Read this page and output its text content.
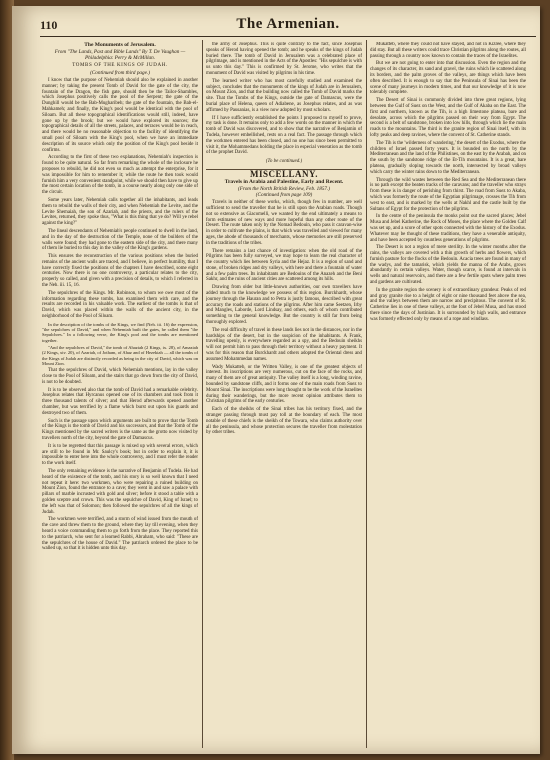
110	The Armenian.
The Monuments of Jerusalem.
From "The Lands, Past and Bible Lands" By T. De Vaughan — Philadelphia: Perry & McMillan.
TOMBS OF THE KINGS OF JUDAH.
(Continued from third page.)

I know that the purpose of Nehemiah should also be explained in another manner; by taking the present Tomb of David for the gate of the city, the fountain of the Dragon, the fish gate, should then be the Tailor-Shambles, which Josephus positively calls the pool of the Serpent; the gate of the Dunghill would be the Bab-Mugharibeh; the gate of the fountain, the Bab-el-Mahkameh; and finally, the King's pool would be identical with the pool of Siloam. But all these topographical identifications would still, indeed, have gone up by the brook; but we would have explored its sources; the topographical details of all the streets, palaces, and terraces would be in reach, and there would be no reasonable objection to the facility of identifying the small pool of Siloam with the King's pool, when we have an immediate description of its source which only the position of the King's pool beside it confirms.

According to the first of these two explanations, Nehemiah's inspection is found to be quite natural. So far from remarking the whole of the inclosure he proposes to rebuild, he did not even so much as attempt the enterprise, for it was impossible for him to remember it; while the route he then took would furnish him a very convenient standpoint, while we should then have to give up the most certain location of the tomb, in a course nearly along only one side of the circuit.

Some years later, Nehemiah calls together all the inhabitants, and leads them to rebuild the walls of their city, and when Nehemiah the Levite, and the Levite Shemaiah, the son of Azariah, and the priests, and the rulers of the Levites, returned, they spoke thus, "What is this thing that ye do? Will ye rebel against the king?"

The lineal descendants of Nehemiah's people continued to dwell in the land, and in the day of the destruction of the Temple, none of the builders of the walls were found; they had gone to the eastern side of the city, and there many of them lie buried to this day in the valley of the King's gardens.

This ensures the reconstruction of the various positions when the buried remains of the ancient walls are traced, and I believe, in perfect humility, that I have correctly fixed the positions of the chapters I have described, some eight centuries. Now there is no one controversy, a particular relates to the city, properly so called, and given with a precision of details, to which I referred in the Neh. iii. 15, 16.

The sepulchres of the Kings. Mr. Robinson, to whom we owe most of the information regarding these tombs, has examined them with care, and the results are recorded in his valuable work. The earliest of the tombs is that of David, which was placed within the walls of the ancient city, in the neighborhood of the Pool of Siloam.

In the description of the tombs of the Kings, we find (Neh. iii. 16) the expression, "the sepulchres of David," and when Nehemiah built the gates, he called them "the Sepulchres." In a following verse, the King's pool and the tombs are mentioned together.

"And the sepulchres of David," the tomb of Ahaziah (2 Kings, ix. 28), of Amaziah (2 Kings, xiv. 20), of Azariah, of Jotham, of Ahaz and of Hezekiah — all the tombs of the Kings of Judah are distinctly recorded as being in the city of David, which was on Mount Zion.

That the sepulchres of David, which Nehemiah mentions, lay in the valley close to the Pool of Siloam, and the stairs that go down from the city of David, is not to be doubted.

It is to be observed also that the tomb of David had a remarkable celebrity. Josephus relates that Hyrcanus opened one of its chambers and took from it three thousand talents of silver; and that Herod afterwards opened another chamber, but was terrified by a flame which burst out upon his guards and destroyed two of them.

Such is the passage upon which arguments are built to prove that the Tomb of the Kings is the tomb of David and his successors, and that the Tomb of the Kings mentioned by the sacred writers is the same as the grotto now visited by travellers north of the city, beyond the gate of Damascus.

It is to be regretted that this passage is mixed up with several errors, which are still to be found in Mr. Saulcy's book; but in order to explain it, it is impossible to enter here into the whole controversy, and I must refer the reader to the work itself.

The only remaining evidence is the narrative of Benjamin of Tudela. He had heard of the existence of the tomb, and his story is so well known that I need not repeat it here: two workmen, who were repairing a ruined building on Mount Zion, found the entrance to a cave; they went in and saw a palace with pillars of marble incrusted with gold and silver; before it stood a table with a golden sceptre and crown. This was the sepulchre of David, King of Israel; to the left was that of Solomon; then followed the sepulchres of all the kings of Judah.

The workmen were terrified, and a storm of wind issued from the mouth of the cave and threw them to the ground, where they lay till evening, when they heard a voice commanding them to go forth from the place. They reported this to the patriarch, who sent for a learned Rabbi, Abraham, who said: "These are the sepulchres of the house of David." The patriarch ordered the place to be walled up, so that it is hidden unto this day.

the army of Josephus. This is quite contrary to the fact, since Josephus speaks of Herod having opened the tomb; and he speaks of the kings of Judah buried there. The tomb of David in Jerusalem was a celebrated place of pilgrimage, and is mentioned in the Acts of the Apostles: "His sepulchre is with us unto this day." This is confirmed by St. Jerome, who writes that the monument of David was visited by pilgrims in his time.

The learned writer who has most carefully studied and examined the subject, concludes that the monuments of the kings of Judah are in Jerusalem, on Mount Zion, and that the building now called the Tomb of David marks the site. That the Tombs of the Kings, outside the gate of Damascus, were the burial place of Helena, queen of Adiabene, as Josephus relates, and as was affirmed by Pausanias, is a view now adopted by most scholars.

If I have sufficiently established the points I proposed to myself to prove, my task is done. It remains only to add a few words on the manner in which the tomb of David was discovered, and to show that the narrative of Benjamin of Tudela, however embellished, rests on a real fact. The passage through which the workmen entered has been closed, and no one has since been permitted to visit it, the Mohammedans holding the place in especial veneration as the tomb of the prophet David.

(To be continued.)
MISCELLANY.
Travels in Arabia and Palestine, Early and Recent.
(From the North British Review, Feb. 1857.)
(Continued from page 109)

Travels in neither of these works, which, though few in number, are well sufficient to send the traveller that he is still upon the Arabian roads. Though not so extensive as Giacomelli, we wanted by the end ultimately a means to form estimates of new ways and more hopeful than any other route of the Desert. The route taken only by the Nomad Bedouin, who pass it caravan-wise in order to cultivate the plains, is that which was travelled and viewed for many ages, the abode of thousands of merchants, whose memories are still preserved in the traditions of the tribes.

There remains a last chance of investigation: when the old road of the Pilgrims has been fully surveyed, we may hope to learn the real character of the country which lies between Syria and the Hejaz. It is a region of sand and stone, of broken ridges and dry valleys, with here and there a fountain of water and a few palm trees. Its inhabitants are Bedouins of the Anazeh and the Beni Sakhr, and the ruins of ancient cities are scattered among its hills.

Drawing from older but little-known authorities, our own travellers have added much to the knowledge we possess of this region. Burckhardt, whose journey through the Hauran and to Petra is justly famous, described with great accuracy the roads and stations of the pilgrims. After him came Seetzen, Irby and Mangles, Laborde, Lord Lindsay, and others, each of whom contributed something to the general knowledge. But the country is still far from being thoroughly explored.

The real difficulty of travel in these lands lies not in the distances, nor in the hardships of the desert, but in the suspicion of the inhabitants. A Frank, travelling openly, is everywhere regarded as a spy, and the Bedouin sheikhs will not permit him to pass through their territory without a heavy payment. It was for this reason that Burckhardt and others adopted the Oriental dress and assumed Mohammedan names.

Wady Mukatteb, or the Written Valley, is one of the greatest objects of interest. Its inscriptions are very numerous, cut on the face of the rocks, and many of them are of great antiquity. The valley itself is a long, winding ravine, bounded by sandstone cliffs, and it forms one of the main roads from Suez to Mount Sinai. The inscriptions were long thought to be the work of the Israelites during their wanderings, but the more recent opinion attributes them to Christian pilgrims of the early centuries.

Each of the sheikhs of the Sinai tribes has his territory fixed, and the stranger passing through must pay toll at the boundary of each. The most notable of these chiefs is the sheikh of the Towara, who claims authority over all the peninsula, and whose protection secures the traveller from molestation by other tribes.

Mukatteb, where they could not have stayed, and not in Kizree, where they did stay. But all these writers could trace Christian pilgrims along the routes, all passing through a country now known to contain the traces of the Israelites.

But we are not going to enter into that discussion. Even the region and the changes of its character, its sand and gravel, the ruins which lie scattered along its borders, and the palm groves of the valleys, are things which have been often described. It is enough to say that the Peninsula of Sinai has been the scene of many journeys in modern times, and that our knowledge of it is now tolerably complete.

The Desert of Sinai is commonly divided into three great regions, lying between the Gulf of Suez on the West, and the Gulf of Akaba on the East. The first and northern, known as the Tih, is a high limestone plateau, bare and desolate, across which the pilgrims passed on their way from Egypt. The second is a belt of sandstone, broken into low hills, through which lie the main roads to the mountains. The third is the granite region of Sinai itself, with its lofty peaks and deep ravines, where the convent of St. Catherine stands.

The Tih is the 'wilderness of wandering,' the desert of the Exodus, where the children of Israel passed forty years. It is bounded on the north by the Mediterranean and the land of the Philistines, on the east by the Arabah, and on the south by the sandstone ridge of the Et-Tih mountains. It is a great, bare plateau, gradually sloping towards the north, intersected by broad valleys which carry the winter rains down to the Mediterranean.

Through the wild wastes between the Red Sea and the Mediterranean there is no path except the beaten tracks of the caravans; and the traveller who strays from these is in danger of perishing from thirst. The road from Suez to Akaba, which was formerly the route of the Egyptian pilgrimage, crosses the Tih from west to east, and is marked by the wells at Nakhl and the castle built by the Sultans of Egypt for the protection of the pilgrims.

In the centre of the peninsula the monks point out the sacred places; Jebel Musa and Jebel Katherine, the Rock of Moses, the place where the Golden Calf was set up, and a score of other spots connected with the history of the Exodus. Whatever may be thought of these traditions, they have a venerable antiquity, and have been accepted by countless generations of pilgrims.

The Desert is not a region of mere sterility. In the winter months after the rains, the valleys are covered with a thin growth of herbs and flowers, which furnish pasture for the flocks of the Bedouin. Acacia trees are found in many of the wadys, and the tamarisk, which yields the manna of the Arabs, grows abundantly in certain valleys. Water, though scarce, is found at intervals in wells and natural reservoirs, and there are a few fertile spots where palm trees and gardens are cultivated.

In the granite region the scenery is of extraordinary grandeur. Peaks of red and gray granite rise to a height of eight or nine thousand feet above the sea, and the valleys between them are narrow and precipitous. The convent of St. Catherine lies in one of these valleys, at the foot of Jebel Musa, and has stood there since the days of Justinian. It is surrounded by high walls, and entrance was formerly effected only by means of a rope and windlass.
